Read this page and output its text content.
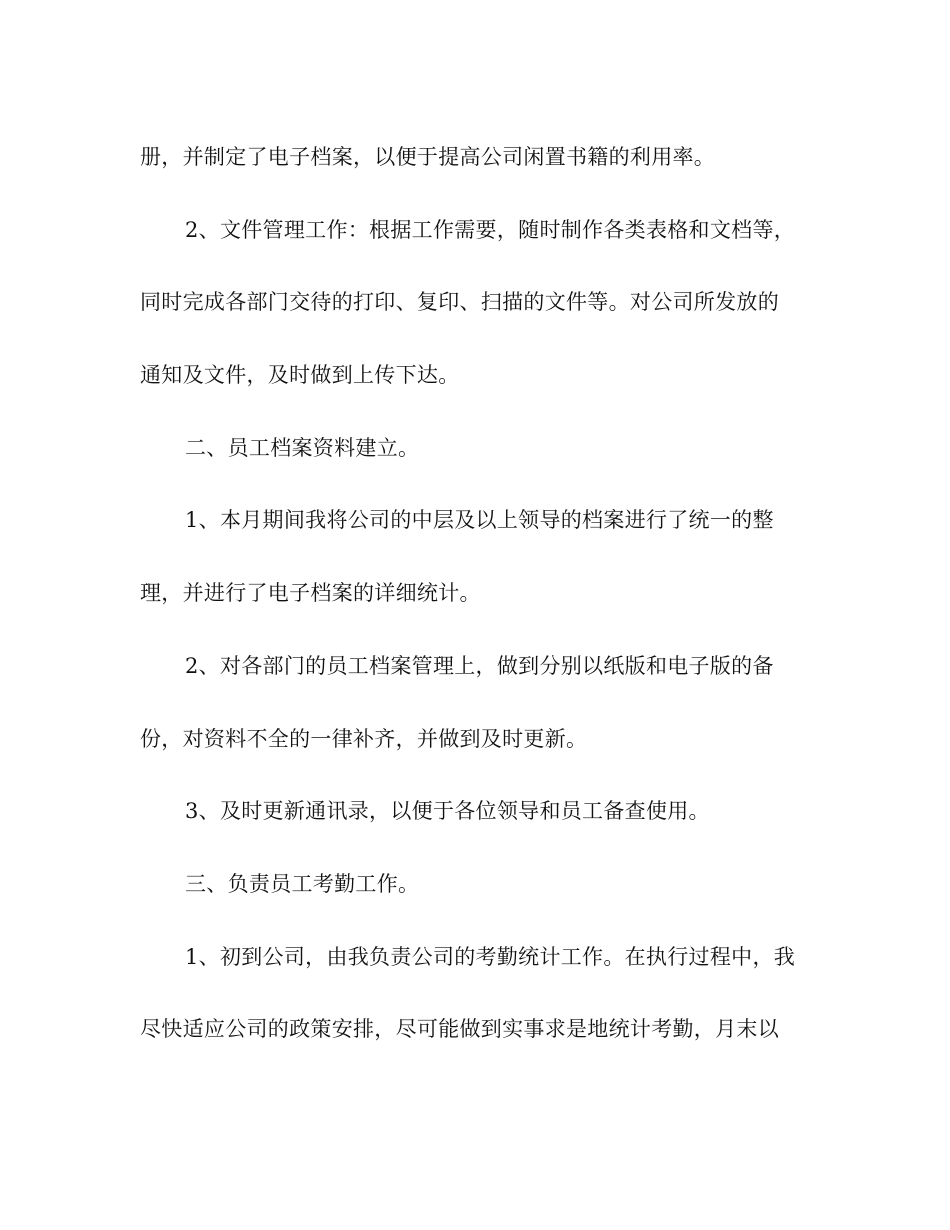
册，并制定了电子档案，以便于提高公司闲置书籍的利用率。
2、文件管理工作：根据工作需要，随时制作各类表格和文档等，
同时完成各部门交待的打印、复印、扫描的文件等。对公司所发放的
通知及文件，及时做到上传下达。
二、员工档案资料建立。
1、本月期间我将公司的中层及以上领导的档案进行了统一的整
理，并进行了电子档案的详细统计。
2、对各部门的员工档案管理上，做到分别以纸版和电子版的备
份，对资料不全的一律补齐，并做到及时更新。
3、及时更新通讯录，以便于各位领导和员工备查使用。
三、负责员工考勤工作。
1、初到公司，由我负责公司的考勤统计工作。在执行过程中，我
尽快适应公司的政策安排，尽可能做到实事求是地统计考勤，月末以
